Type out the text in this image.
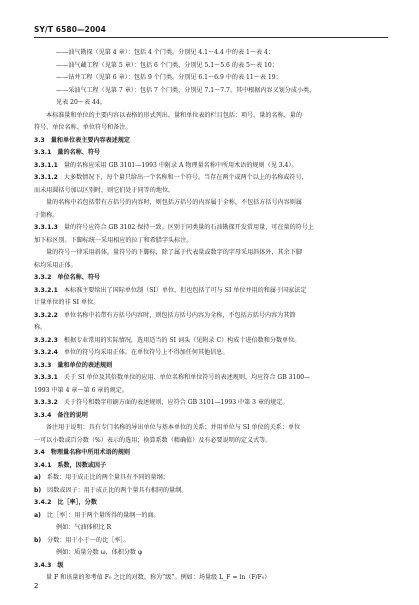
SY/T 6580—2004
——油气勘探（见第 4 章）：包括 4 个门类，分别见 4.1～4.4 中的表 1～表 4；
——油气藏工程（见第 5 章）：包括 6 个门类，分别见 5.1～5.6 的表 5～表 10；
——钻井工程（见第 6 章）：包括 9 个门类，分别见 6.1～6.9 中的表 11～表 19；
——采油气工程（见第 7 章）：包括 7 个门类，分别见 7.1～7.7。其中根据内容又划分成小类，
见表 20～表 44。
本标准量和单位的主要内容以表格的形式列出。量和单位表的栏目包括：项号、量的名称、量的
符号、单位名称、单位符号和备注。
3.3 量和单位表主要内容表述规定
3.3.1 量的名称、符号
3.3.1.1 量的名称应采用 GB 3101—1993 中附录 A 物理量名称中所用术语的规则（见 3.4）。
3.3.1.2 大多数情况下，每个量只给出一个名称和一个符号。当存在两个或两个以上的名称或符号，
而未用圆括号加以区别时，则它们处于同等的地位。
量的名称中若包括带有方括号的内容时，则包括方括号的内容属于全称，不包括方括号内容则属
于简称。
3.3.1.3 量的符号应符合 GB 3102 保持一致。区别于同类量的石油勘探开发常用量，可在量的符号上
加下标区别。下脚标统一采用相应的拉丁和希腊字头标注。
量的符号一律采用斜体。量符号的下脚标，除了属于代表量或数字的字母采用斜体外，其余下脚
标均采用正体。
3.3.2 单位名称、符号
3.3.2.1 本标准主要给出了国际单位制（SI）单位，但也包括了可与 SI 单位并用的和属于国家法定
计量单位的非 SI 单位。
3.3.2.2 单位名称中若带有方括号内容时，则包括方括号内容为全称，不包括方括号内容为其简
称。
3.3.2.3 根据专业常用的实际情况，选用适当的 SI 词头（见附录 C）构成十进倍数和分数单位。
3.3.2.4 单位的符号均采用正体。在单位符号上不得加任何其他信息。
3.3.3 量和单位的表述规则
3.3.3.1 关于 SI 单位及其倍数单位的应用、单位名称和单位符号的表述规则，均应符合 GB 3100—
1993 中第 4 章～第 6 章的规定。
3.3.3.2 关于符号和数字印刷方面的表述规则，应符合 GB 3101—1993 中第 3 章的规定。
3.3.4 备注的说明
备注用于说明：具有专门名称的导出单位与基本单位的关系；并用单位与 SI 单位的关系；单位
一可以小数或百分数（%）表示的选用；换算系数（精确值）及有必要说明的定义式等。
3.4 物理量名称中所用术语的规则
3.4.1 系数，因数或因子
a) 系数：用于成正比的两个量具有不同的量纲；
b) 因数或因子：用于成正比的两个量具有相同的量纲。
3.4.2 比［率］，分数
a) 比［率］：用于两个量所得的量纲一的商。
例如：气油体积比 R
b) 分数：用于小于一的比［率］。
例如：质量分数 ω，体积分数 φ
3.4.3 级
量 F 和该量的参考值 F₀ 之比的对数。称为“级”。例如：场量级 L_F = ln（F/F₀）
2
